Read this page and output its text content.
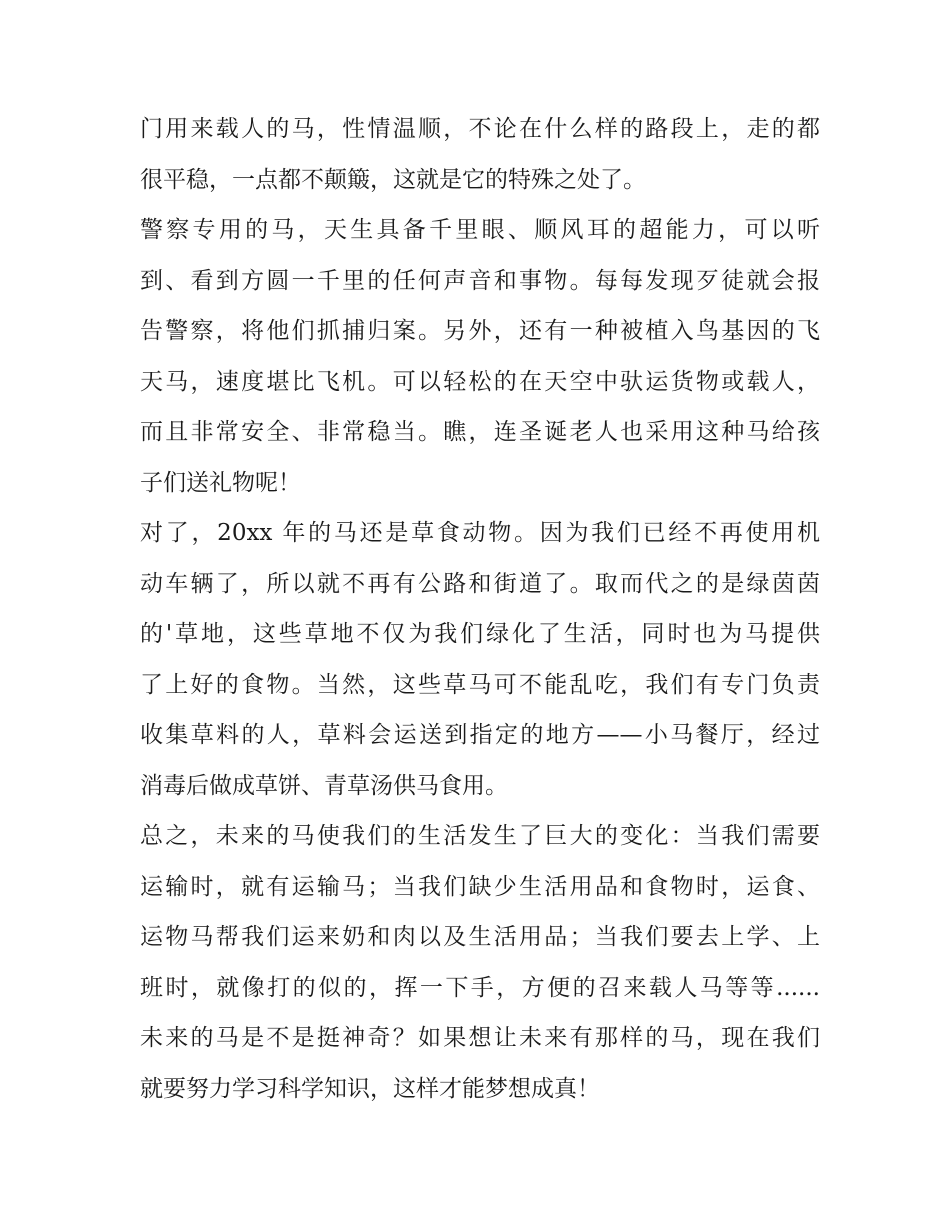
门用来载人的马，性情温顺，不论在什么样的路段上，走的都
很平稳，一点都不颠簸，这就是它的特殊之处了。
警察专用的马，天生具备千里眼、顺风耳的超能力，可以听
到、看到方圆一千里的任何声音和事物。每每发现歹徒就会报
告警察，将他们抓捕归案。另外，还有一种被植入鸟基因的飞
天马，速度堪比飞机。可以轻松的在天空中驮运货物或载人，
而且非常安全、非常稳当。瞧，连圣诞老人也采用这种马给孩
子们送礼物呢！
对了，20xx 年的马还是草食动物。因为我们已经不再使用机
动车辆了，所以就不再有公路和街道了。取而代之的是绿茵茵
的'草地，这些草地不仅为我们绿化了生活，同时也为马提供
了上好的食物。当然，这些草马可不能乱吃，我们有专门负责
收集草料的人，草料会运送到指定的地方——小马餐厅，经过
消毒后做成草饼、青草汤供马食用。
总之，未来的马使我们的生活发生了巨大的变化：当我们需要
运输时，就有运输马；当我们缺少生活用品和食物时，运食、
运物马帮我们运来奶和肉以及生活用品；当我们要去上学、上
班时，就像打的似的，挥一下手，方便的召来载人马等等......
未来的马是不是挺神奇？如果想让未来有那样的马，现在我们
就要努力学习科学知识，这样才能梦想成真！
